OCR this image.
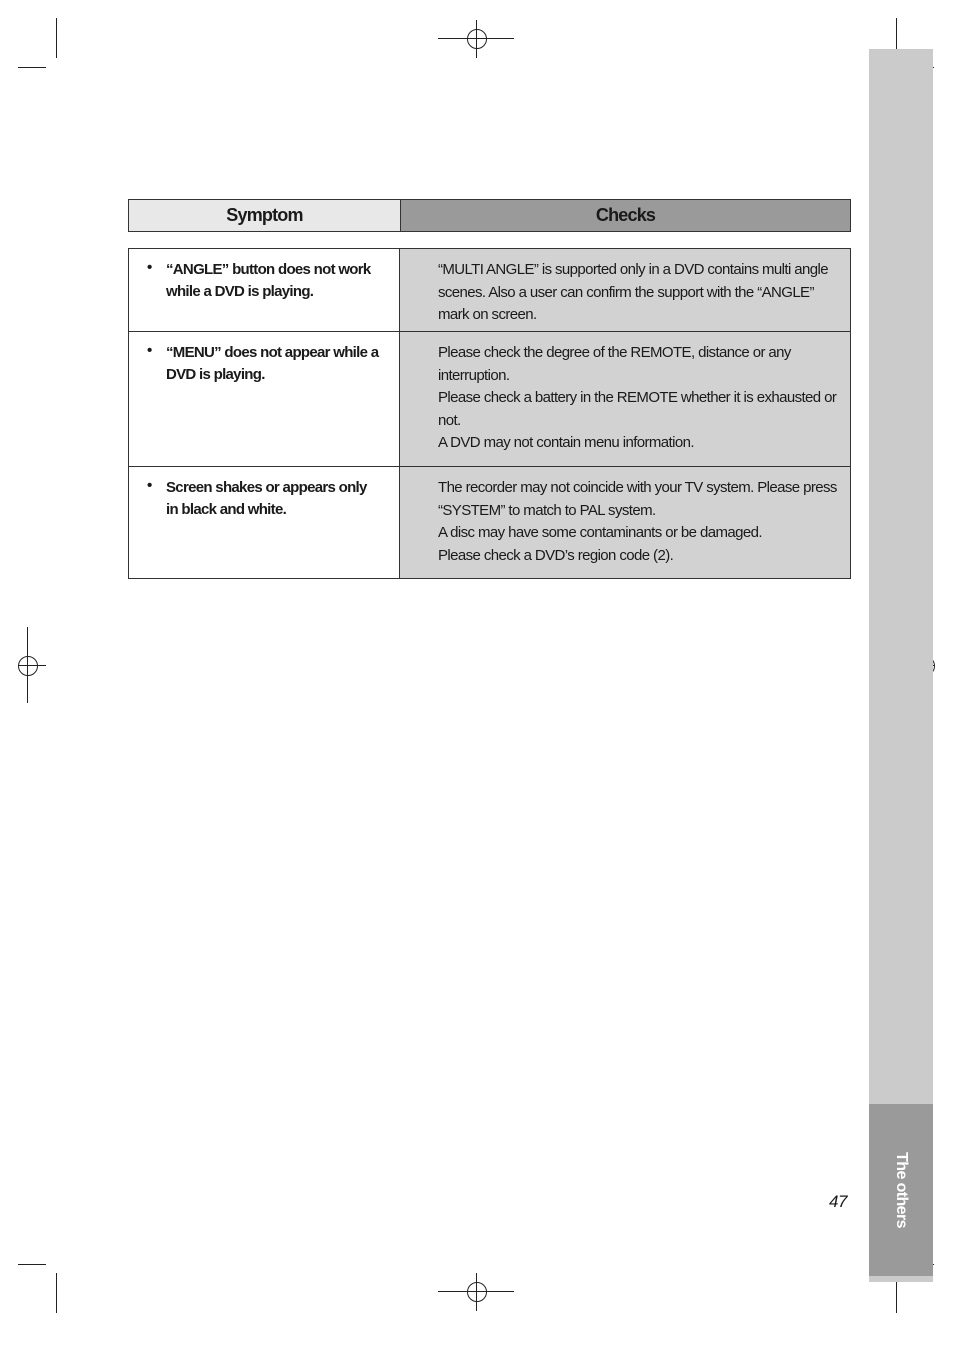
The others
Symptom	Checks
• “ANGLE” button does not work while a DVD is playing.

“MULTI ANGLE” is supported only in a DVD contains multi angle scenes. Also a user can confirm the support with the “ANGLE” mark on screen.

• “MENU” does not appear while a DVD is playing.

Please check the degree of the REMOTE, distance or any interruption.

Please check a battery in the REMOTE whether it is exhausted or not.

A DVD may not contain menu information.

• Screen shakes or appears only in black and white.

The recorder may not coincide with your TV system. Please press “SYSTEM” to match to PAL system.

A disc may have some contaminants or be damaged.

Please check a DVD’s region code (2).

47
